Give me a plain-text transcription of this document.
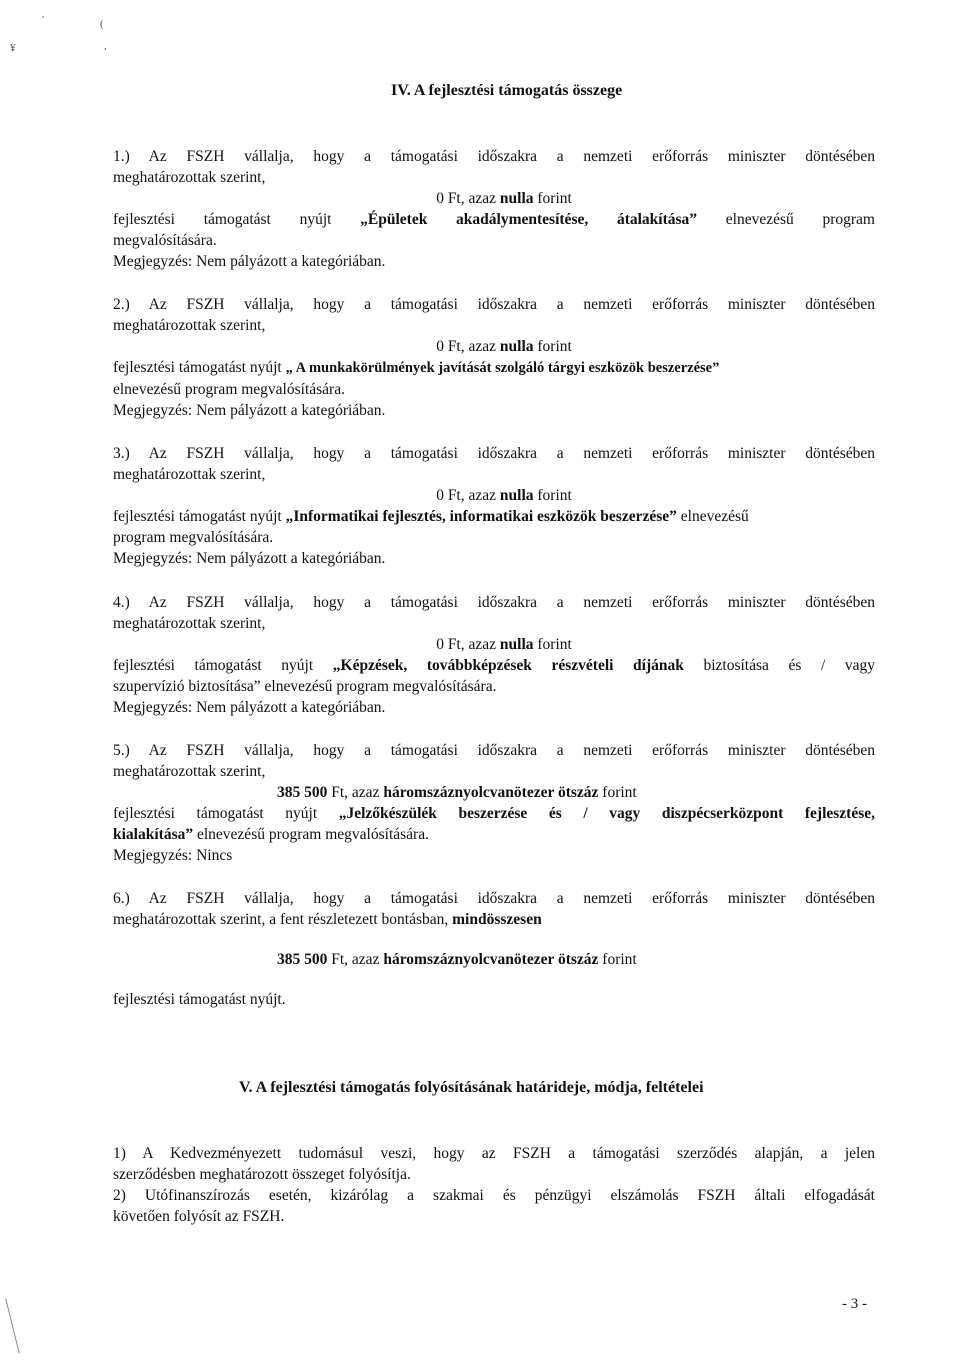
'	(
¥	,
IV. A fejlesztési támogatás összege
1.) Az FSZH vállalja, hogy a támogatási időszakra a nemzeti erőforrás miniszter döntésében
meghatározottak szerint,
0 Ft, azaz nulla forint
fejlesztési támogatást nyújt „Épületek akadálymentesítése, átalakítása” elnevezésű program
megvalósítására.
Megjegyzés: Nem pályázott a kategóriában.
2.) Az FSZH vállalja, hogy a támogatási időszakra a nemzeti erőforrás miniszter döntésében
meghatározottak szerint,
0 Ft, azaz nulla forint
fejlesztési támogatást nyújt „ A munkakörülmények javítását szolgáló tárgyi eszközök beszerzése”
elnevezésű program megvalósítására.
Megjegyzés: Nem pályázott a kategóriában.
3.) Az FSZH vállalja, hogy a támogatási időszakra a nemzeti erőforrás miniszter döntésében
meghatározottak szerint,
0 Ft, azaz nulla forint
fejlesztési támogatást nyújt „Informatikai fejlesztés, informatikai eszközök beszerzése” elnevezésű
program megvalósítására.
Megjegyzés: Nem pályázott a kategóriában.
4.) Az FSZH vállalja, hogy a támogatási időszakra a nemzeti erőforrás miniszter döntésében
meghatározottak szerint,
0 Ft, azaz nulla forint
fejlesztési támogatást nyújt „Képzések, továbbképzések részvételi díjának biztosítása és / vagy
szupervízió biztosítása” elnevezésű program megvalósítására.
Megjegyzés: Nem pályázott a kategóriában.
5.) Az FSZH vállalja, hogy a támogatási időszakra a nemzeti erőforrás miniszter döntésében
meghatározottak szerint,
385 500 Ft, azaz háromszáznyolcvanötezer ötszáz forint
fejlesztési támogatást nyújt „Jelzőkészülék beszerzése és / vagy diszpécserközpont fejlesztése,
kialakítása” elnevezésű program megvalósítására.
Megjegyzés: Nincs
6.) Az FSZH vállalja, hogy a támogatási időszakra a nemzeti erőforrás miniszter döntésében
meghatározottak szerint, a fent részletezett bontásban, mindösszesen
385 500 Ft, azaz háromszáznyolcvanötezer ötszáz forint
fejlesztési támogatást nyújt.
V. A fejlesztési támogatás folyósításának határideje, módja, feltételei
1) A Kedvezményezett tudomásul veszi, hogy az FSZH a támogatási szerződés alapján, a jelen
szerződésben meghatározott összeget folyósítja.
2) Utófinanszírozás esetén, kizárólag a szakmai és pénzügyi elszámolás FSZH általi elfogadását
követően folyósít az FSZH.
- 3 -
